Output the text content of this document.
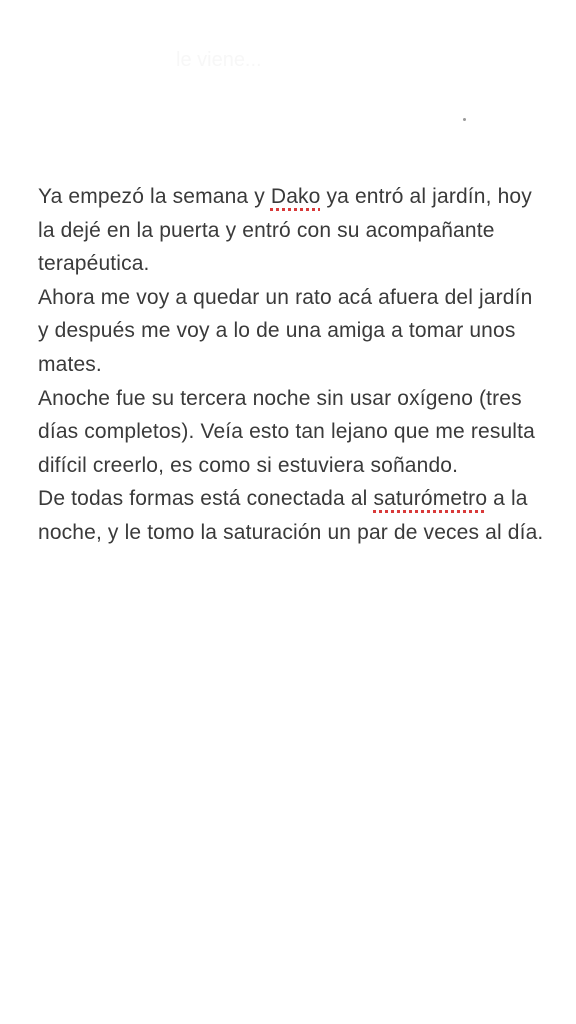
le viene...

Ya empezó la semana y Dako ya entró al jardín, hoy la dejé en la puerta y entró con su acompañante terapéutica.

Ahora me voy a quedar un rato acá afuera del jardín y después me voy a lo de una amiga a tomar unos mates.

Anoche fue su tercera noche sin usar oxígeno (tres días completos). Veía esto tan lejano que me resulta difícil creerlo, es como si estuviera soñando.

De todas formas está conectada al saturómetro a la noche, y le tomo la saturación un par de veces al día.
